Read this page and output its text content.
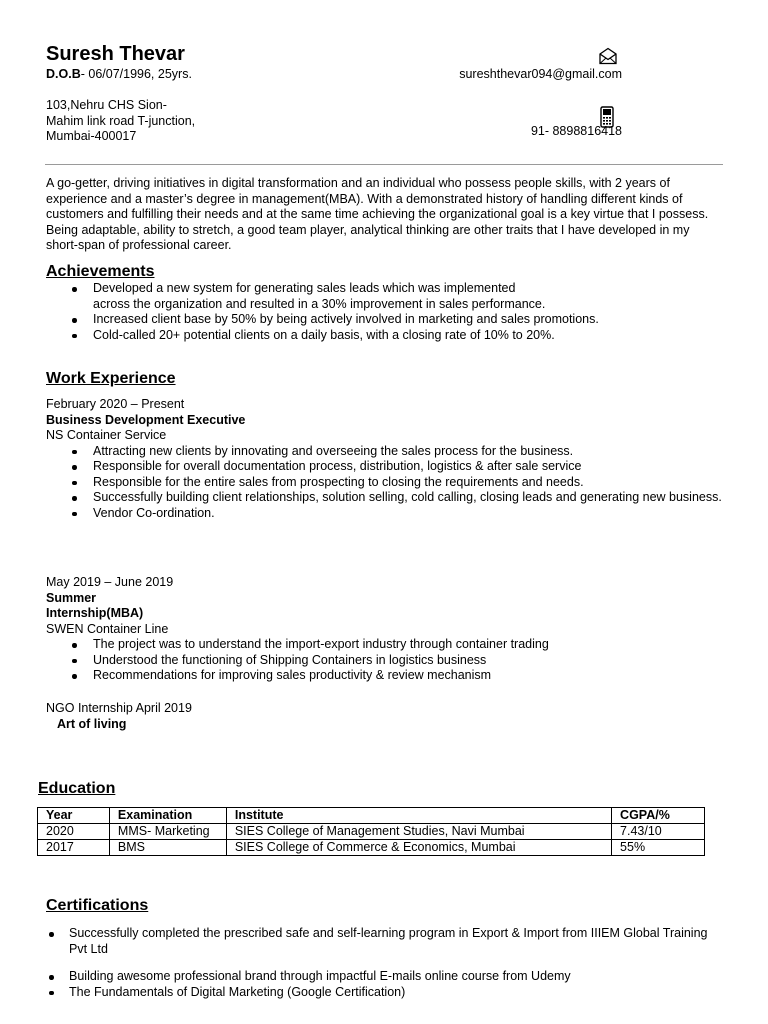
Suresh Thevar
D.O.B- 06/07/1996, 25yrs.
103,Nehru CHS Sion-
Mahim link road T-junction,
Mumbai-400017
sureshthevar094@gmail.com
91- 8898816418
A go-getter, driving initiatives in digital transformation and an individual who possess people skills, with 2 years of experience and a master’s degree in management(MBA). With a demonstrated history of handling different kinds of customers and fulfilling their needs and at the same time achieving the organizational goal is a key virtue that I possess. Being adaptable, ability to stretch, a good team player, analytical thinking are other traits that I have developed in my short-span of professional career.
Achievements
Developed a new system for generating sales leads which was implemented
across the organization and resulted in a 30% improvement in sales performance.
Increased client base by 50% by being actively involved in marketing and sales promotions.
Cold-called 20+ potential clients on a daily basis, with a closing rate of 10% to 20%.
Work Experience
February 2020 – Present
Business Development Executive
NS Container Service
Attracting new clients by innovating and overseeing the sales process for the business.
Responsible for overall documentation process, distribution, logistics & after sale service
Responsible for the entire sales from prospecting to closing the requirements and needs.
Successfully building client relationships, solution selling, cold calling, closing leads and generating new business.
Vendor Co-ordination.
May 2019 – June 2019
Summer
Internship(MBA)
SWEN Container Line
The project was to understand the import-export industry through container trading
Understood the functioning of Shipping Containers in logistics business
Recommendations for improving sales productivity & review mechanism
NGO Internship April 2019
Art of living
Education
Year	Examination	Institute	CGPA/%
2020	MMS- Marketing	SIES College of Management Studies, Navi Mumbai	7.43/10
2017	BMS	SIES College of Commerce & Economics, Mumbai	55%
Certifications
Successfully completed the prescribed safe and self-learning program in Export & Import from IIIEM Global Training Pvt Ltd
Building awesome professional brand through impactful E-mails online course from Udemy
The Fundamentals of Digital Marketing (Google Certification)
